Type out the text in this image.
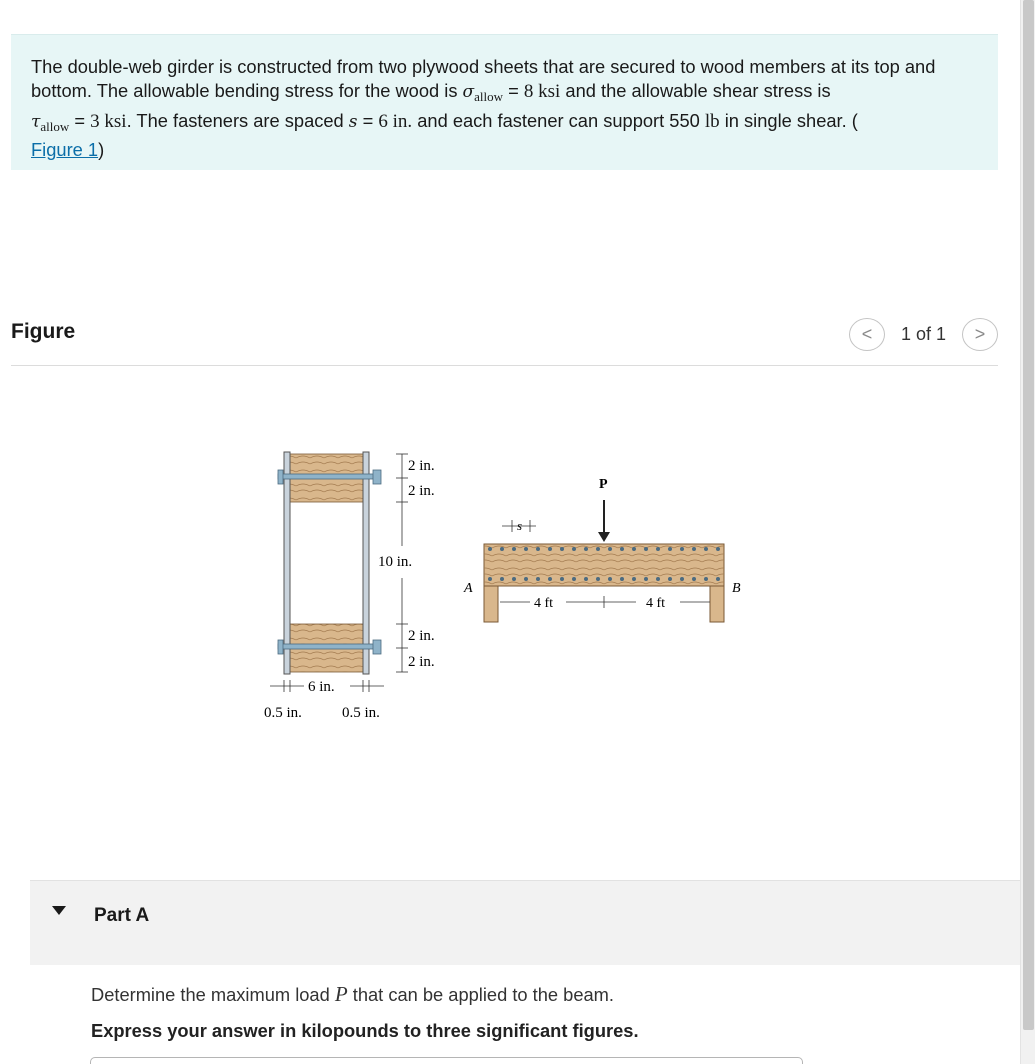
The double-web girder is constructed from two plywood sheets that are secured to wood members at its top and bottom. The allowable bending stress for the wood is $\sigma_{allow} = 8$ ksi and the allowable shear stress is
$\tau_{allow} = 3$ ksi. The fasteners are spaced s = 6 in. and each fastener can support 550 lb in single shear. (
Figure 1)
Figure	< 1 of 1 >
2 in.
2 in.
10 in.
2 in.
2 in.
6 in.
0.5 in.	0.5 in.
P
s
A	B
4 ft	4 ft
Part A
Determine the maximum load P that can be applied to the beam.
Express your answer in kilopounds to three significant figures.
